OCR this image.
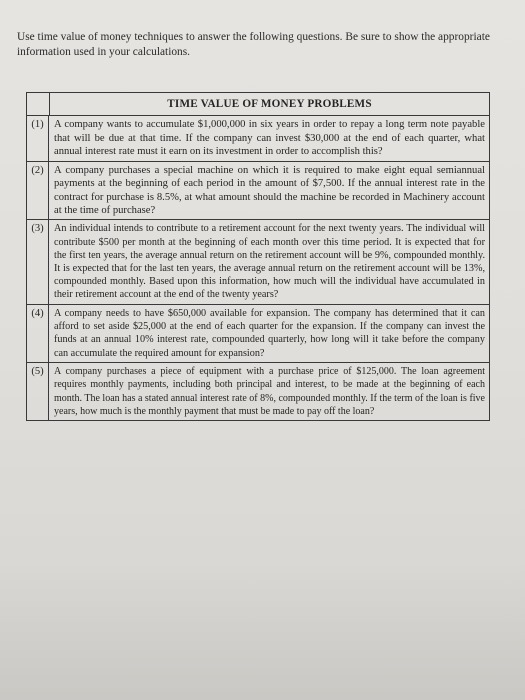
Use time value of money techniques to answer the following questions. Be sure to show the appropriate information used in your calculations.
TIME VALUE OF MONEY PROBLEMS
(1) A company wants to accumulate $1,000,000 in six years in order to repay a long term note payable that will be due at that time. If the company can invest $30,000 at the end of each quarter, what annual interest rate must it earn on its investment in order to accomplish this?
(2) A company purchases a special machine on which it is required to make eight equal semiannual payments at the beginning of each period in the amount of $7,500. If the annual interest rate in the contract for purchase is 8.5%, at what amount should the machine be recorded in Machinery account at the time of purchase?
(3)	An individual intends to contribute to a retirement account for the next twenty years. The individual will contribute $500 per month at the beginning of each month over this time period. It is expected that for the first ten years, the average annual return on the retirement account will be 9%, compounded monthly. It is expected that for the last ten years, the average annual return on the retirement account will be 13%, compounded monthly. Based upon this information, how much will the individual have accumulated in their retirement account at the end of the twenty years?
(4)	A company needs to have $650,000 available for expansion. The company has determined that it can afford to set aside $25,000 at the end of each quarter for the expansion. If the company can invest the funds at an annual 10% interest rate, compounded quarterly, how long will it take before the company can accumulate the required amount for expansion?
(5)	A company purchases a piece of equipment with a purchase price of $125,000. The loan agreement requires monthly payments, including both principal and interest, to be made at the beginning of each month. The loan has a stated annual interest rate of 8%, compounded monthly. If the term of the loan is five years, how much is the monthly payment that must be made to pay off the loan?
